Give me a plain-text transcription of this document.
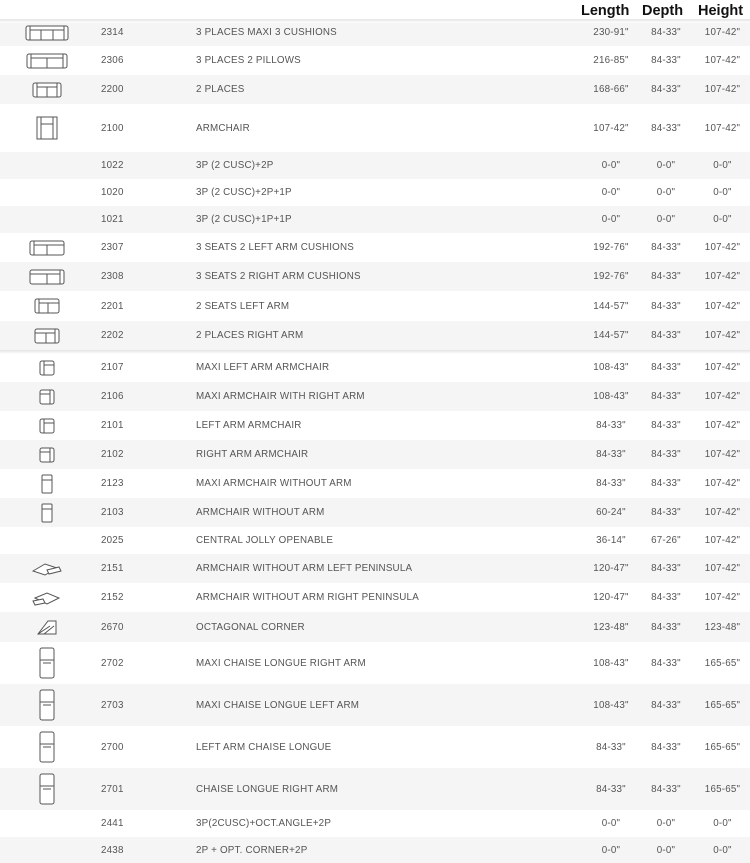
Length Depth Height
2314	3 PLACES MAXI 3 CUSHIONS	230-91"	84-33"	107-42"
2306	3 PLACES 2 PILLOWS	216-85"	84-33"	107-42"
2200	2 PLACES	168-66"	84-33"	107-42"
2100	ARMCHAIR	107-42"	84-33"	107-42"
1022	3P (2 CUSC)+2P	0-0"	0-0"	0-0"
1020	3P (2 CUSC)+2P+1P	0-0"	0-0"	0-0"
1021	3P (2 CUSC)+1P+1P	0-0"	0-0"	0-0"
2307	3 SEATS 2 LEFT ARM CUSHIONS	192-76"	84-33"	107-42"
2308	3 SEATS 2 RIGHT ARM CUSHIONS	192-76"	84-33"	107-42"
2201	2 SEATS LEFT ARM	144-57"	84-33"	107-42"
2202	2 PLACES RIGHT ARM	144-57"	84-33"	107-42"
2107	MAXI LEFT ARM ARMCHAIR	108-43"	84-33"	107-42"
2106	MAXI ARMCHAIR WITH RIGHT ARM	108-43"	84-33"	107-42"
2101	LEFT ARM ARMCHAIR	84-33"	84-33"	107-42"
2102	RIGHT ARM ARMCHAIR	84-33"	84-33"	107-42"
2123	MAXI ARMCHAIR WITHOUT ARM	84-33"	84-33"	107-42"
2103	ARMCHAIR WITHOUT ARM	60-24"	84-33"	107-42"
2025	CENTRAL JOLLY OPENABLE	36-14"	67-26"	107-42"
2151	ARMCHAIR WITHOUT ARM LEFT PENINSULA	120-47"	84-33"	107-42"
2152	ARMCHAIR WITHOUT ARM RIGHT PENINSULA	120-47"	84-33"	107-42"
2670	OCTAGONAL CORNER	123-48"	84-33"	123-48"
2702	MAXI CHAISE LONGUE RIGHT ARM	108-43"	84-33"	165-65"
2703	MAXI CHAISE LONGUE LEFT ARM	108-43"	84-33"	165-65"
2700	LEFT ARM CHAISE LONGUE	84-33"	84-33"	165-65"
2701	CHAISE LONGUE RIGHT ARM	84-33"	84-33"	165-65"
2441	3P(2CUSC)+OCT.ANGLE+2P	0-0"	0-0"	0-0"
2438	2P + OPT. CORNER+2P	0-0"	0-0"	0-0"
